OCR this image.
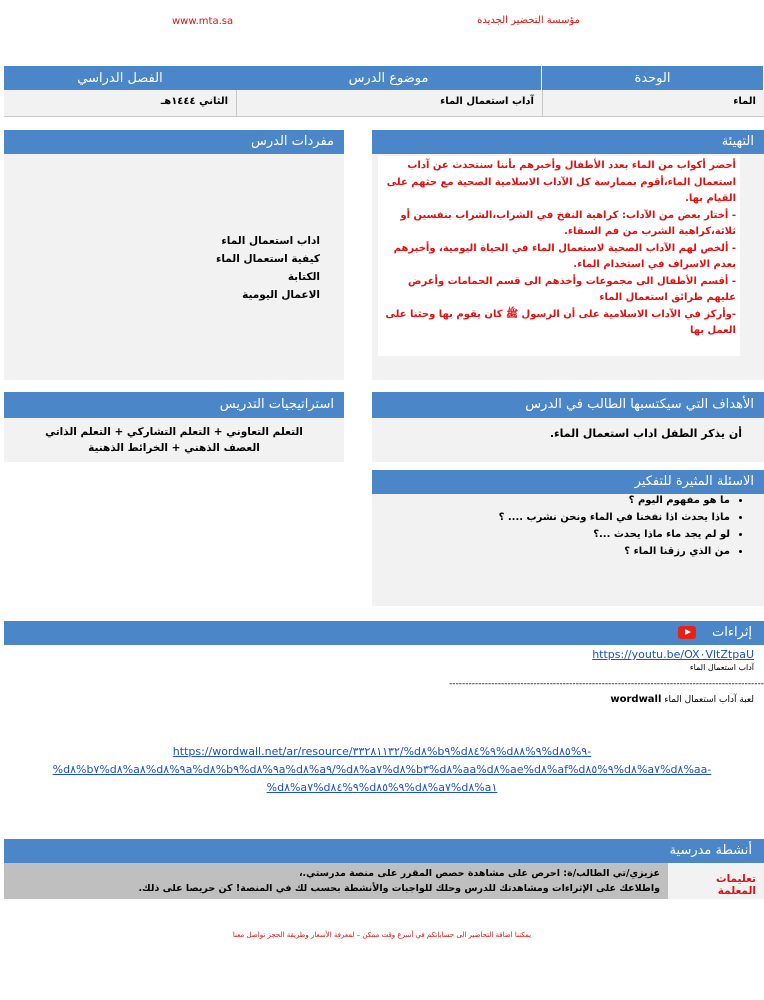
www.mta.sa	مؤسسة التحضير الجديدة
الوحدة
موضوع الدرس
الفصل الدراسي
الماء
آداب استعمال الماء
الثاني ١٤٤٤هـ
التهيئة
أحضر أكواب من الماء بعدد الأطفال وأخبرهم بأننا سنتحدث عن آداب استعمال الماء،أقوم بممارسة كل الآداب الاسلامية الصحية مع حثهم على القيام بها.
- أختار بعض من الآداب: كراهية النفخ في الشراب،الشراب بنفسين أو ثلاثة،كراهية الشرب من فم السقاء.
- ألخص لهم الآداب الصحية لاستعمال الماء في الحياة اليومية، وأخبرهم بعدم الاسراف في استخدام الماء.
- أقسم الأطفال الى مجموعات وأخذهم الى قسم الحمامات وأعرض عليهم طرائق استعمال الماء
-وأركز في الآداب الاسلامية على أن الرسول ﷺ كان يقوم بها وحثنا على العمل بها
مفردات الدرس
اداب استعمال الماء
كيفية استعمال الماء
الكتابة
الاعمال اليومية
الأهداف التي سيكتسبها الطالب في الدرس
أن يذكر الطفل اداب استعمال الماء.
استراتيجيات التدريس
التعلم التعاوني + التعلم التشاركي + التعلم الذاتي
العصف الذهني + الخرائط الذهنية
الاسئلة المثيرة للتفكير
• ما هو مفهوم اليوم ؟
• ماذا يحدث اذا نفخنا في الماء ونحن نشرب .... ؟
• لو لم يجد ماء ماذا يحدث ...؟
• من الذي رزقنا الماء ؟
إثراءات
https://youtu.be/OX٠VltZtpaU
آداب استعمال الماء
-------------------------------------------------------------------------------------------------
لعبة آداب استعمال الماء wordwall
https://wordwall.net/ar/resource/٣٣٢٨١١٣٢/%d٨%b٩%d٩%٨٤%d٩%٨٨%d٩%٨٥-
%d٨%b٧%d٨%a٨%d٩%٨a%d٨%b٩%d٩%٨a%d٨%a٩/%d٨%a٧%d٨%b٣%d٨%aa%d٨%ae%d٨%af%d٩%٨٥%d٨%a٧%d٨%aa-
%d٨%a٧%d٩%٨٤%d٩%٨٥%d٨%a٧%d٨%a١
أنشطة مدرسية
تعليمات المعلمة
عزيزي/تي الطالب/ة: احرص على مشاهدة حصص المقرر على منصة مدرستي.،
واطلاعك على الإثراءات ومشاهدتك للدرس وحلك للواجبات والأنشطة بحسب لك في المنصة! كن حريصا على ذلك.
يمكننا اضافة التحاضير الى حساباتكم في أسرع وقت ممكن – لمعرفة الأسعار وطريقة الحجز تواصل معنا
